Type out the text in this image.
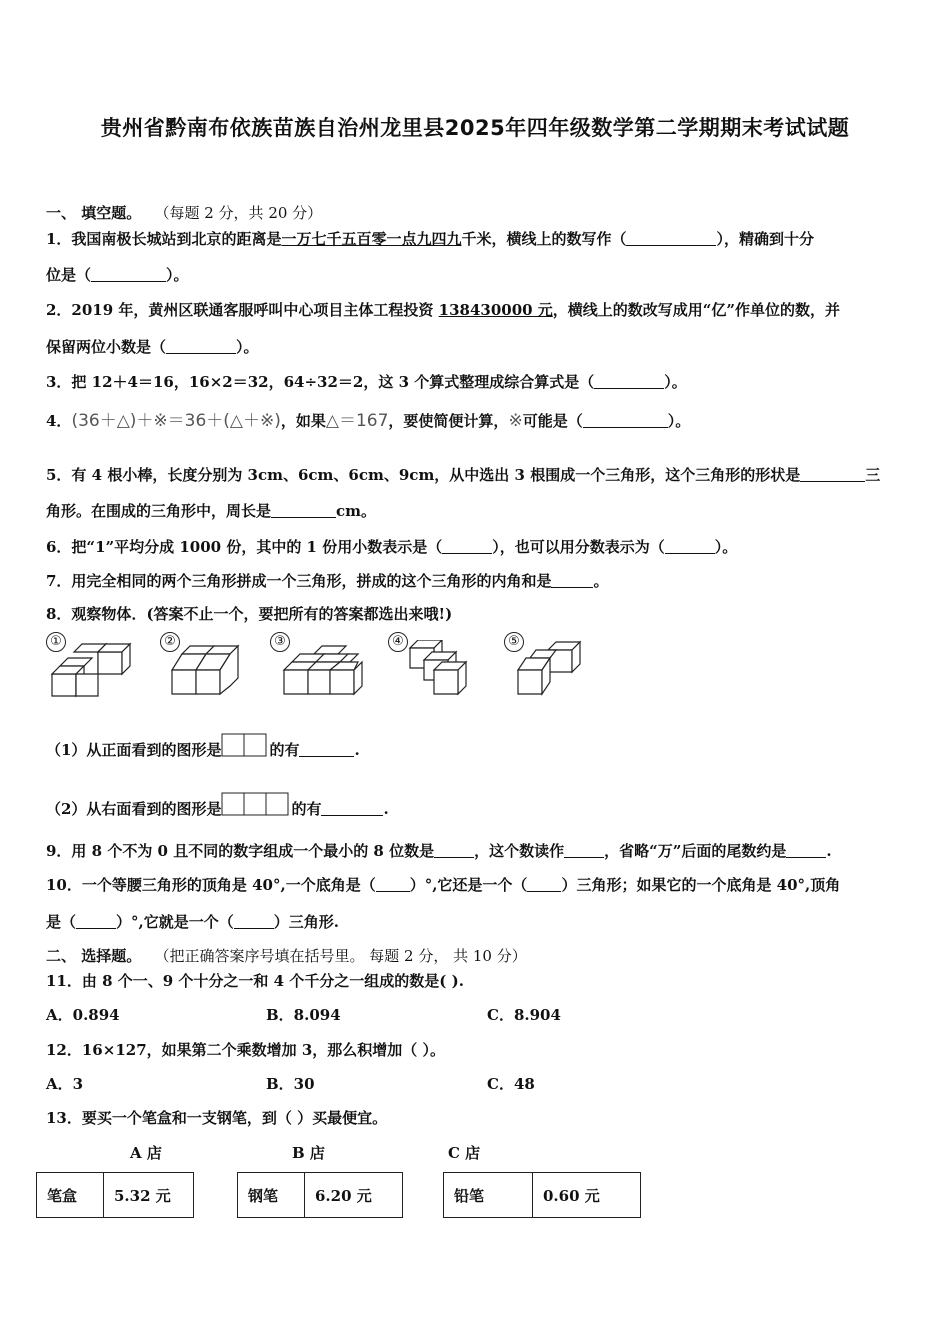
贵州省黔南布依族苗族自治州龙里县2025年四年级数学第二学期期末考试试题
一、 填空题。 （每题 2 分，共 20 分）
1．我国南极长城站到北京的距离是一万七千五百零一点九四九千米，横线上的数写作（	），精确到十分
位是（	）。
2．2019 年，黄州区联通客服呼叫中心项目主体工程投资 138430000 元，横线上的数改写成用“亿”作单位的数，并
保留两位小数是（	）。
3．把 12＋4＝16，16×2＝32，64÷32＝2，这 3 个算式整理成综合算式是（	）。
4．(36＋△)＋※＝36＋(△＋※)，如果△＝167，要使简便计算，※可能是（	）。
5．有 4 根小棒，长度分别为 3cm、6cm、6cm、9cm，从中选出 3 根围成一个三角形，这个三角形的形状是	三
角形。在围成的三角形中，周长是	cm。
6．把“1”平均分成 1000 份，其中的 1 份用小数表示是（	），也可以用分数表示为（	）。
7．用完全相同的两个三角形拼成一个三角形，拼成的这个三角形的内角和是	。
8．观察物体．(答案不止一个，要把所有的答案都选出来哦!)
①	②	③	④	⑤
（1）从正面看到的图形是	的有	.
（2）从右面看到的图形是	的有	.
9．用 8 个不为 0 且不同的数字组成一个最小的 8 位数是	，这个数读作	，省略“万”后面的尾数约是	.
10．一个等腰三角形的顶角是 40°,一个底角是（ ）°,它还是一个（ ）三角形；如果它的一个底角是 40°,顶角
是（	）°,它就是一个（	）三角形.
二、 选择题。 （把正确答案序号填在括号里。 每题 2 分， 共 10 分）
11．由 8 个一、9 个十分之一和 4 个千分之一组成的数是( ).
A．0.894	B．8.094	C．8.904
12．16×127，如果第二个乘数增加 3，那么积增加（ ）。
A．3	B．30	C．48
13．要买一个笔盒和一支钢笔，到（ ）买最便宜。
A 店	B 店	C 店
笔盒	5.32 元	钢笔	6.20 元	铅笔	0.60 元
